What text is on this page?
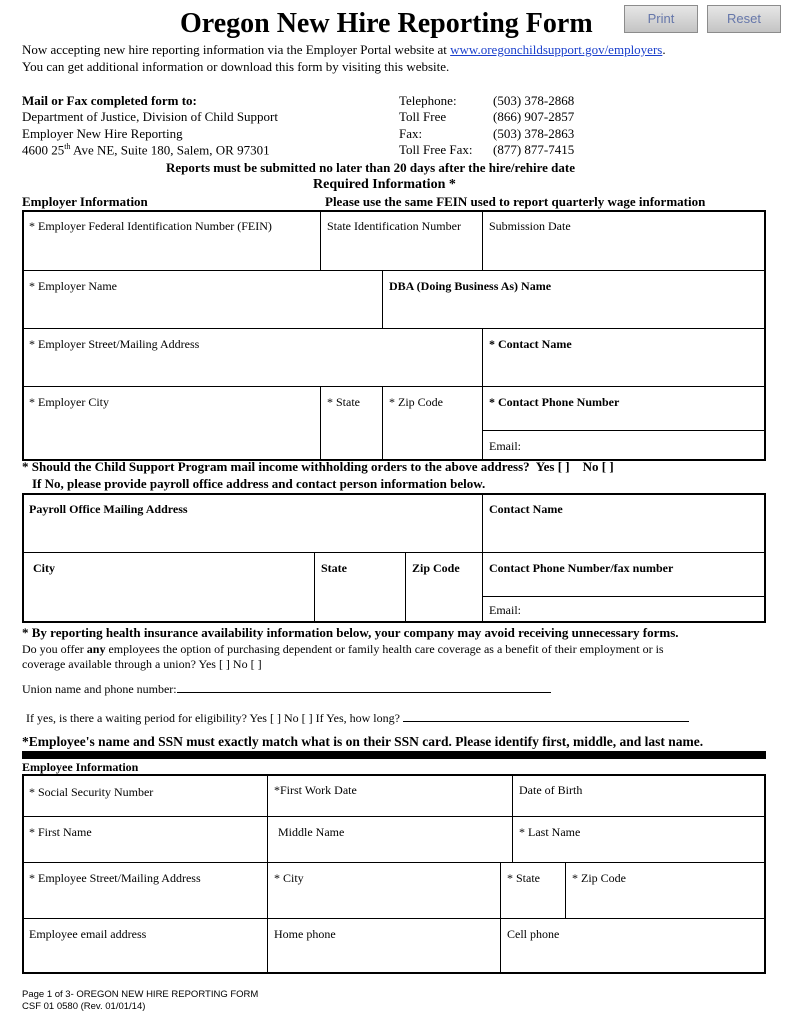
Oregon New Hire Reporting Form	Print	Reset
Now accepting new hire reporting information via the Employer Portal website at www.oregonchildsupport.gov/employers.
You can get additional information or download this form by visiting this website.
Mail or Fax completed form to:
Department of Justice, Division of Child Support
Employer New Hire Reporting
4600 25th Ave NE, Suite 180, Salem, OR 97301
Telephone:	(503) 378-2868
Toll Free	(866) 907-2857
Fax:	(503) 378-2863
Toll Free Fax: (877) 877-7415
Reports must be submitted no later than 20 days after the hire/rehire date
Required Information *
Employer Information	Please use the same FEIN used to report quarterly wage information
* Employer Federal Identification Number (FEIN)	State Identification Number	Submission Date
* Employer Name	DBA (Doing Business As) Name
* Employer Street/Mailing Address	* Contact Name
* Employer City	* State	* Zip Code	* Contact Phone Number
Email:
* Should the Child Support Program mail income withholding orders to the above address? Yes [ ] No [ ]
If No, please provide payroll office address and contact person information below.
Payroll Office Mailing Address	Contact Name
City	State	Zip Code	Contact Phone Number/fax number
Email:
* By reporting health insurance availability information below, your company may avoid receiving unnecessary forms.
Do you offer any employees the option of purchasing dependent or family health care coverage as a benefit of their employment or is
coverage available through a union? Yes [ ] No [ ]
Union name and phone number:
If yes, is there a waiting period for eligibility? Yes [ ] No [ ] If Yes, how long?
*Employee's name and SSN must exactly match what is on their SSN card. Please identify first, middle, and last name.
Employee Information
* Social Security Number	*First Work Date	Date of Birth
* First Name	Middle Name	* Last Name
* Employee Street/Mailing Address	* City	* State	* Zip Code
Employee email address	Home phone	Cell phone
Page 1 of 3- OREGON NEW HIRE REPORTING FORM
CSF 01 0580 (Rev. 01/01/14)
